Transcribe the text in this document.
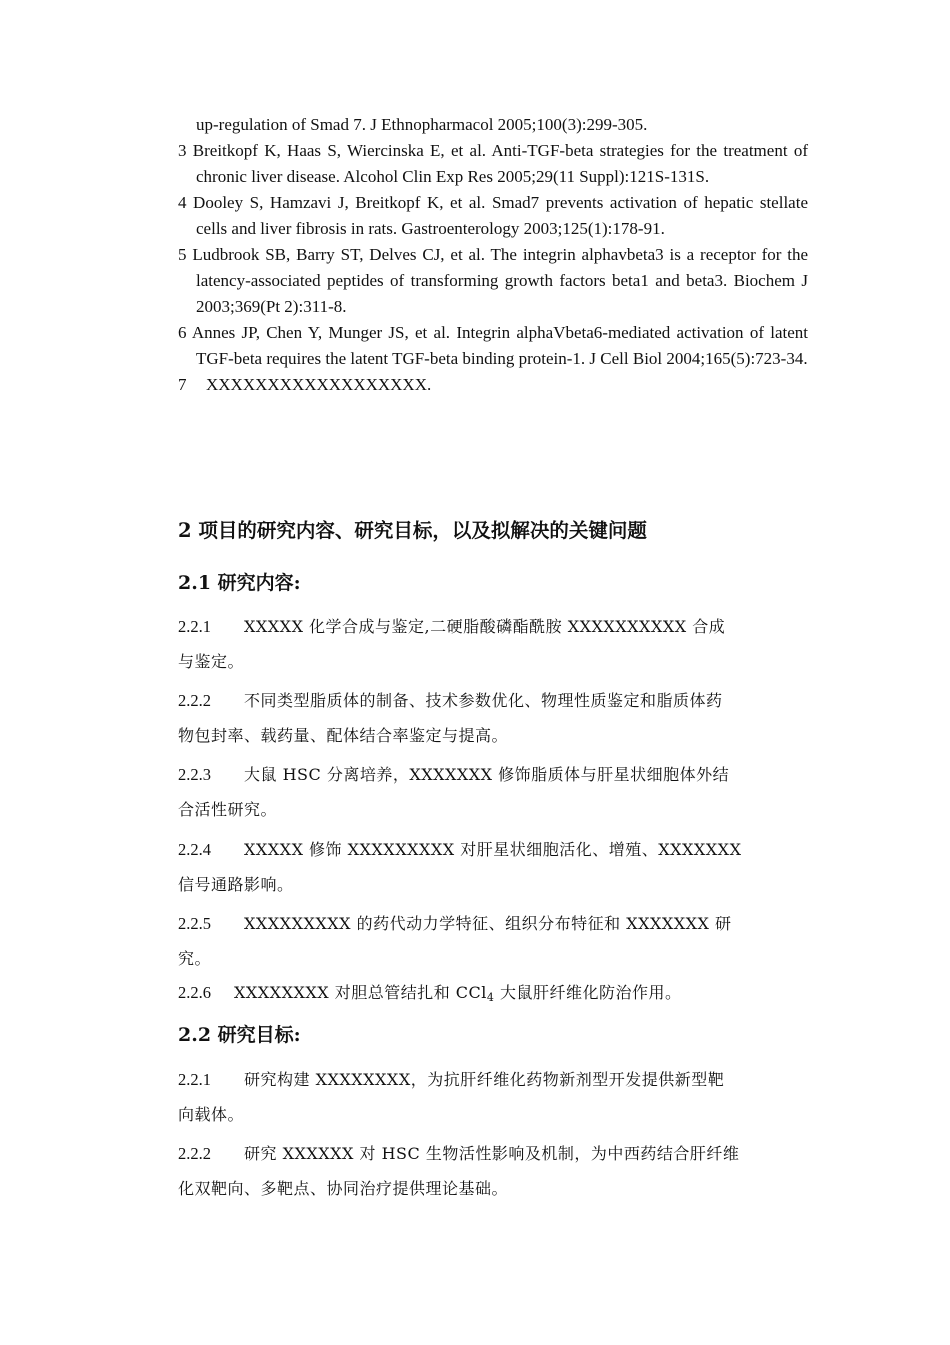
up-regulation of Smad 7. J Ethnopharmacol 2005;100(3):299-305.

3 Breitkopf K, Haas S, Wiercinska E, et al. Anti-TGF-beta strategies for the treatment of chronic liver disease. Alcohol Clin Exp Res 2005;29(11 Suppl):121S-131S.

4 Dooley S, Hamzavi J, Breitkopf K, et al. Smad7 prevents activation of hepatic stellate cells and liver fibrosis in rats. Gastroenterology 2003;125(1):178-91.

5 Ludbrook SB, Barry ST, Delves CJ, et al. The integrin alphavbeta3 is a receptor for the latency-associated peptides of transforming growth factors beta1 and beta3. Biochem J 2003;369(Pt 2):311-8.

6 Annes JP, Chen Y, Munger JS, et al. Integrin alphaVbeta6-mediated activation of latent TGF-beta requires the latent TGF-beta binding protein-1. J Cell Biol 2004;165(5):723-34.

7 XXXXXXXXXXXXXXXXXX.

2 项目的研究内容、研究目标，以及拟解决的关键问题
2.1 研究内容:
2.2.1 XXXXX 化学合成与鉴定,二硬脂酸磷酯酰胺 XXXXXXXXXX 合成
与鉴定。
2.2.2 不同类型脂质体的制备、技术参数优化、物理性质鉴定和脂质体药
物包封率、载药量、配体结合率鉴定与提高。
2.2.3 大鼠 HSC 分离培养，XXXXXXX 修饰脂质体与肝星状细胞体外结
合活性研究。
2.2.4 XXXXX 修饰 XXXXXXXXX 对肝星状细胞活化、增殖、XXXXXXX
信号通路影响。
2.2.5 XXXXXXXXX 的药代动力学特征、组织分布特征和 XXXXXXX 研
究。
2.2.6 XXXXXXXX 对胆总管结扎和 CCl$_4$ 大鼠肝纤维化防治作用。
2.2 研究目标:
2.2.1 研究构建 XXXXXXXX，为抗肝纤维化药物新剂型开发提供新型靶
向载体。
2.2.2 研究 XXXXXX 对 HSC 生物活性影响及机制，为中西药结合肝纤维
化双靶向、多靶点、协同治疗提供理论基础。
